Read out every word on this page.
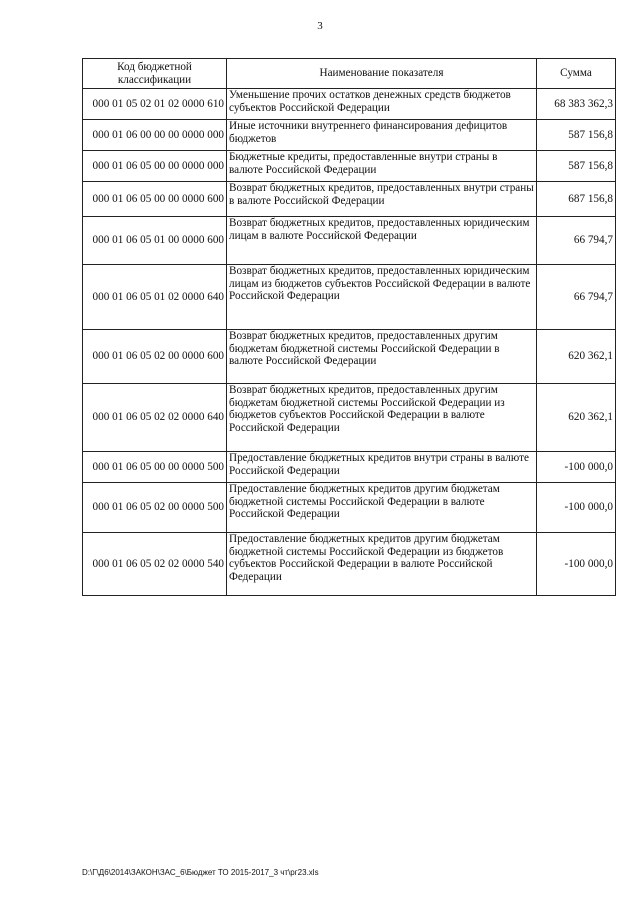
3
Код бюджетной классификации	Наименование показателя	Сумма
000 01 05 02 01 02 0000 610	Уменьшение прочих остатков денежных средств бюджетов субъектов Российской Федерации	68 383 362,3
000 01 06 00 00 00 0000 000	Иные источники внутреннего финансирования дефицитов бюджетов	587 156,8
000 01 06 05 00 00 0000 000	Бюджетные кредиты, предоставленные внутри страны в валюте Российской Федерации	587 156,8
000 01 06 05 00 00 0000 600	Возврат бюджетных кредитов, предоставленных внутри страны в валюте Российской Федерации	687 156,8
000 01 06 05 01 00 0000 600	Возврат бюджетных кредитов, предоставленных юридическим лицам в валюте Российской Федерации	66 794,7
000 01 06 05 01 02 0000 640	Возврат бюджетных кредитов, предоставленных юридическим лицам из бюджетов субъектов Российской Федерации в валюте Российской Федерации	66 794,7
000 01 06 05 02 00 0000 600	Возврат бюджетных кредитов, предоставленных другим бюджетам бюджетной системы Российской Федерации в валюте Российской Федерации	620 362,1
000 01 06 05 02 02 0000 640	Возврат бюджетных кредитов, предоставленных другим бюджетам бюджетной системы Российской Федерации из бюджетов субъектов Российской Федерации в валюте Российской Федерации	620 362,1
000 01 06 05 00 00 0000 500	Предоставление бюджетных кредитов внутри страны в валюте Российской Федерации	-100 000,0
000 01 06 05 02 00 0000 500	Предоставление бюджетных кредитов другим бюджетам бюджетной системы Российской Федерации в валюте Российской Федерации	-100 000,0
000 01 06 05 02 02 0000 540	Предоставление бюджетных кредитов другим бюджетам бюджетной системы Российской Федерации из бюджетов субъектов Российской Федерации в валюте Российской Федерации	-100 000,0
D:\Г\Д6\2014\ЗАКОН\ЗАС_6\Бюджет ТО 2015-2017_3 чт\рг23.xls
